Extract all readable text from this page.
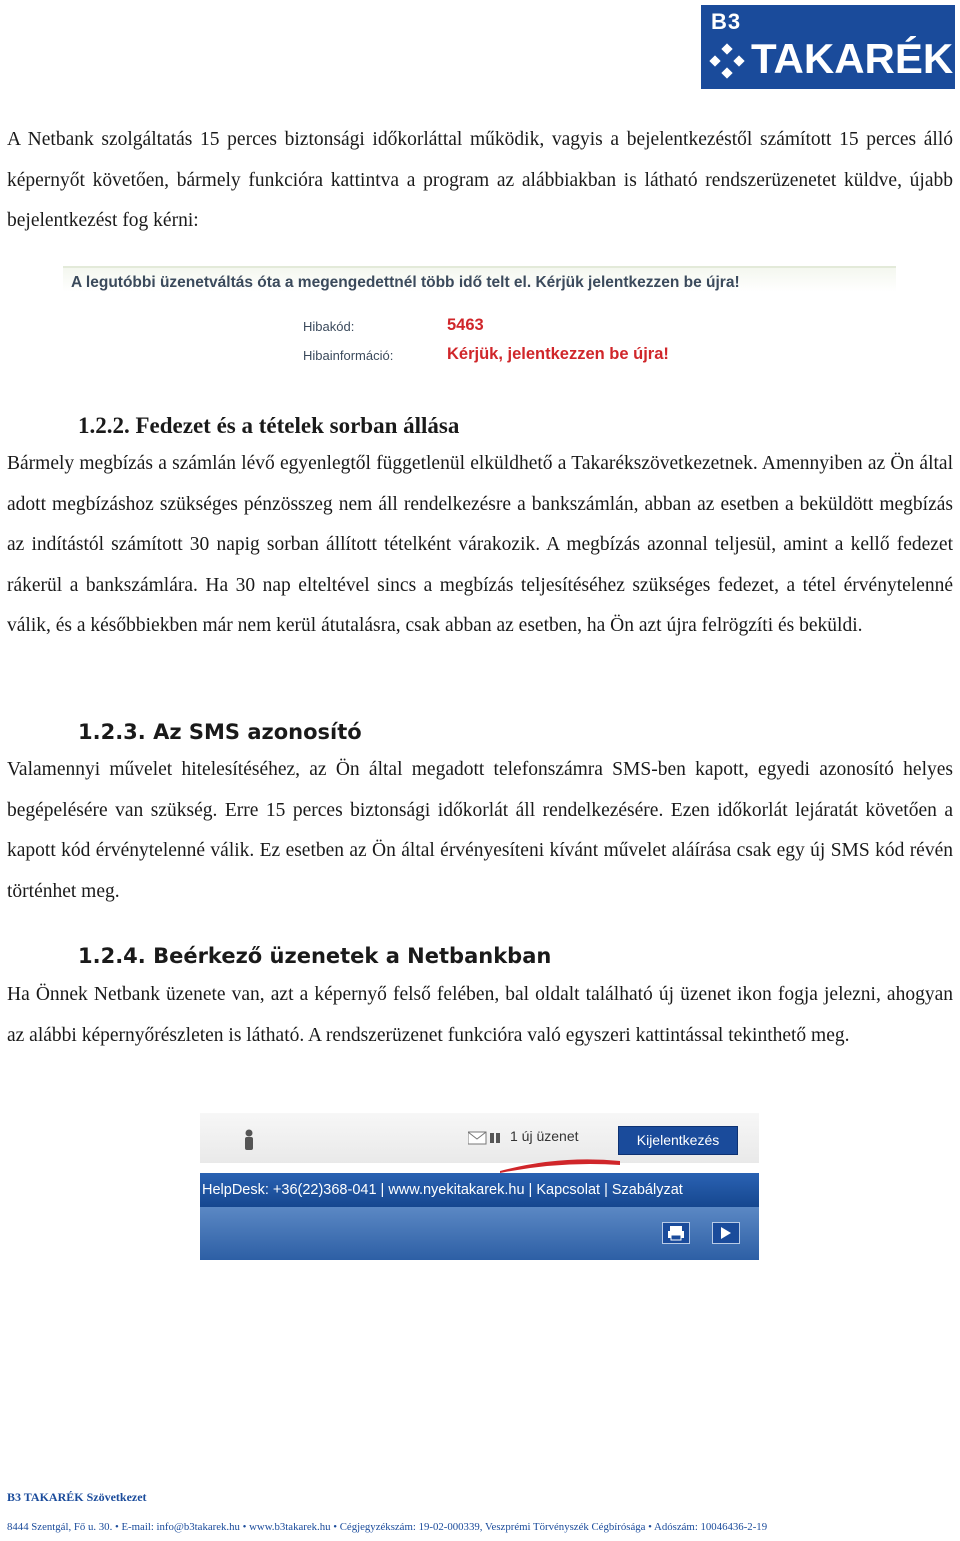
B3
TAKARÉK

A Netbank szolgáltatás 15 perces biztonsági időkorláttal működik, vagyis a bejelentkezéstől számított 15 perces álló képernyőt követően, bármely funkcióra kattintva a program az alábbiakban is látható rendszerüzenetet küldve, újabb bejelentkezést fog kérni:

A legutóbbi üzenetváltás óta a megengedettnél több idő telt el. Kérjük jelentkezzen be újra!
Hibakód:	5463
Hibainformáció:	Kérjük, jelentkezzen be újra!
1.2.2. Fedezet és a tételek sorban állása

Bármely megbízás a számlán lévő egyenlegtől függetlenül elküldhető a Takarékszövetkezetnek. Amennyiben az Ön által adott megbízáshoz szükséges pénzösszeg nem áll rendelkezésre a bankszámlán, abban az esetben a beküldött megbízás az indítástól számított 30 napig sorban állított tételként várakozik. A megbízás azonnal teljesül, amint a kellő fedezet rákerül a bankszámlára. Ha 30 nap elteltével sincs a megbízás teljesítéséhez szükséges fedezet, a tétel érvénytelenné válik, és a későbbiekben már nem kerül átutalásra, csak abban az esetben, ha Ön azt újra felrögzíti és beküldi.

1.2.3. Az SMS azonosító

Valamennyi művelet hitelesítéséhez, az Ön által megadott telefonszámra SMS-ben kapott, egyedi azonosító helyes begépelésére van szükség. Erre 15 perces biztonsági időkorlát áll rendelkezésére. Ezen időkorlát lejáratát követően a kapott kód érvénytelenné válik. Ez esetben az Ön által érvényesíteni kívánt művelet aláírása csak egy új SMS kód révén történhet meg.

1.2.4. Beérkező üzenetek a Netbankban

Ha Önnek Netbank üzenete van, azt a képernyő felső felében, bal oldalt található új üzenet ikon fogja jelezni, ahogyan az alábbi képernyőrészleten is látható. A rendszerüzenet funkcióra való egyszeri kattintással tekinthető meg.

1 új üzenet	Kijelentkezés
HelpDesk: +36(22)368-041 | www.nyekitakarek.hu | Kapcsolat | Szabályzat
B3 TAKARÉK Szövetkezet
8444 Szentgál, Fő u. 30. • E-mail: info@b3takarek.hu • www.b3takarek.hu • Cégjegyzékszám: 19-02-000339, Veszprémi Törvényszék Cégbírósága • Adószám: 10046436-2-19
